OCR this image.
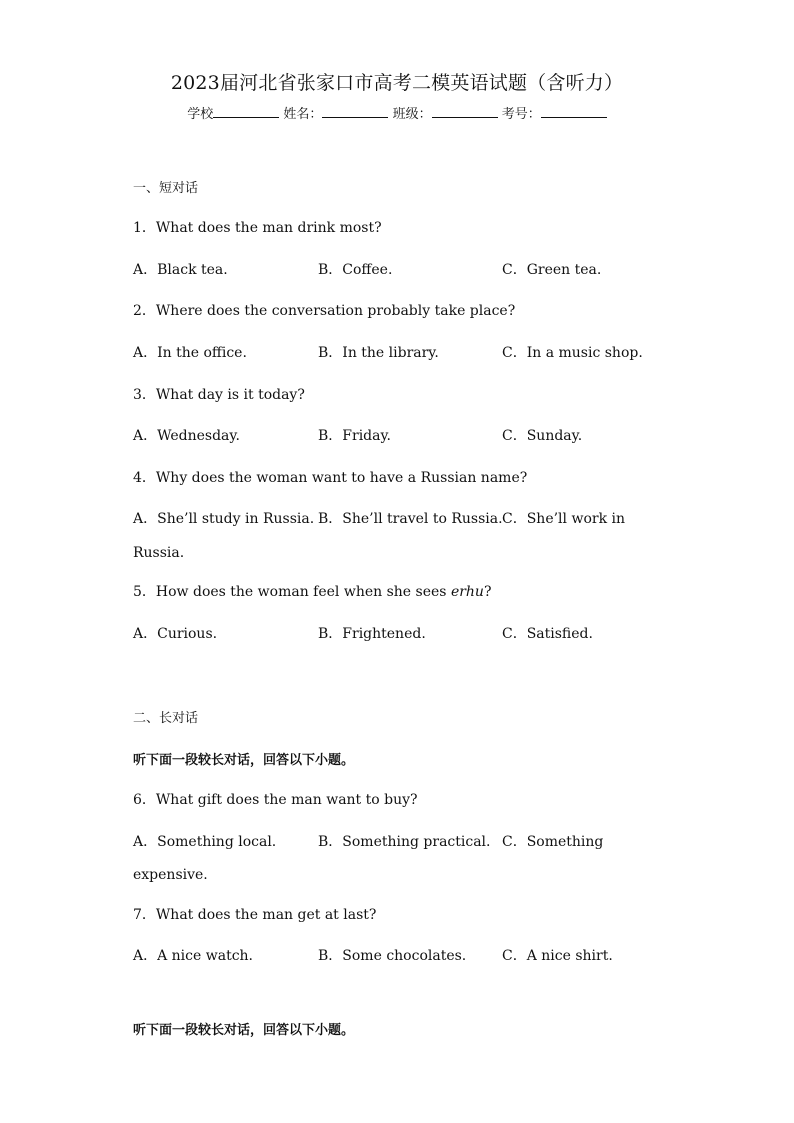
2023届河北省张家口市高考二模英语试题（含听力）
学校	姓名：	班级：	考号：
一、短对话
1．What does the man drink most?
A．Black tea.	B．Coffee.	C．Green tea.
2．Where does the conversation probably take place?
A．In the office.	B．In the library.	C．In a music shop.
3．What day is it today?
A．Wednesday.	B．Friday.	C．Sunday.
4．Why does the woman want to have a Russian name?
A．She’ll study in Russia. B．She’ll travel to Russia. C．She’ll work in
Russia.
5．How does the woman feel when she sees erhu?
A．Curious.	B．Frightened.	C．Satisfied.
二、长对话
听下面一段较长对话，回答以下小题。
6．What gift does the man want to buy?
A．Something local.	B．Something practical. C．Something
expensive.
7．What does the man get at last?
A．A nice watch.	B．Some chocolates.	C．A nice shirt.
听下面一段较长对话，回答以下小题。
